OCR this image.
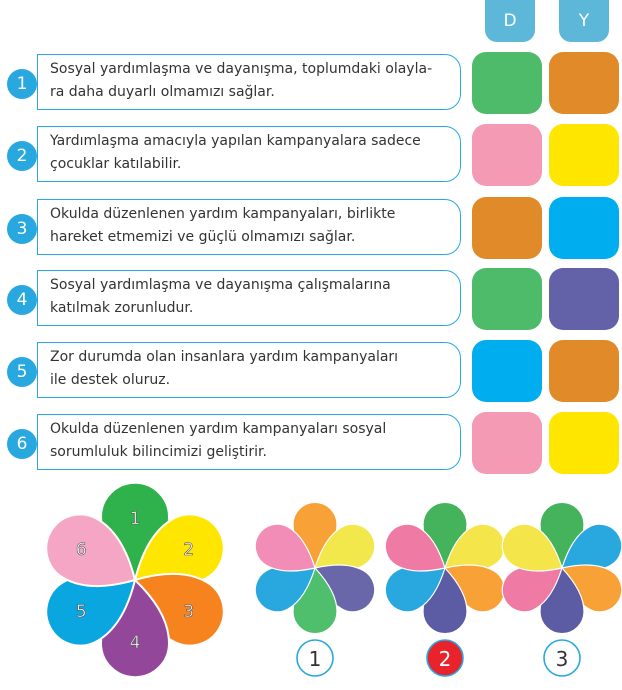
D	Y
Sosyal yardımlaşma ve dayanışma, toplumdaki olayla-
ra daha duyarlı olmamızı sağlar.
1
Yardımlaşma amacıyla yapılan kampanyalara sadece
çocuklar katılabilir.
2
Okulda düzenlenen yardım kampanyaları, birlikte
hareket etmemizi ve güçlü olmamızı sağlar.
3
Sosyal yardımlaşma ve dayanışma çalışmalarına
katılmak zorunludur.
4
Zor durumda olan insanlara yardım kampanyaları
ile destek oluruz.
5
Okulda düzenlenen yardım kampanyaları sosyal
sorumluluk bilincimizi geliştirir.
6
1
2
3
4
5
6
1	2	3
